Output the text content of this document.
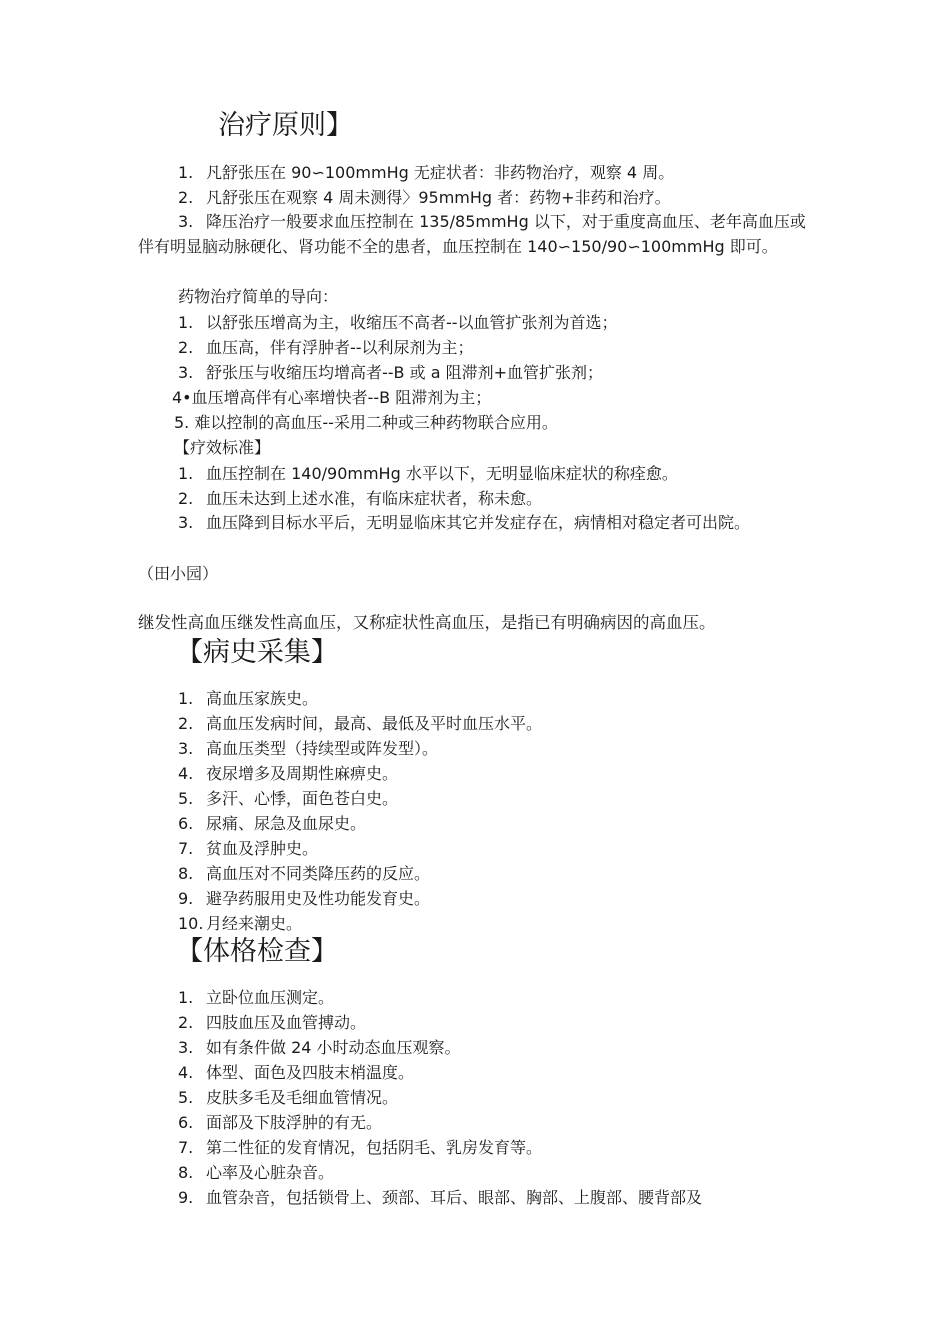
治疗原则】
1. 凡舒张压在 90∽100mmHg 无症状者：非药物治疗，观察 4 周。
2. 凡舒张压在观察 4 周未测得〉95mmHg 者：药物+非药和治疗。
3. 降压治疗一般要求血压控制在 135/85mmHg 以下，对于重度高血压、老年高血压或伴有明显脑动脉硬化、肾功能不全的患者，血压控制在 140∽150/90∽100mmHg 即可。
药物治疗简单的导向：
1. 以舒张压增高为主，收缩压不高者--以血管扩张剂为首选；
2. 血压高，伴有浮肿者--以利尿剂为主；
3. 舒张压与收缩压均增高者--B 或 a 阻滞剂+血管扩张剂；
4•血压增高伴有心率增快者--B 阻滞剂为主；
5. 难以控制的高血压--采用二种或三种药物联合应用。
【疗效标准】
1. 血压控制在 140/90mmHg 水平以下，无明显临床症状的称痊愈。
2. 血压未达到上述水准，有临床症状者，称未愈。
3. 血压降到目标水平后，无明显临床其它并发症存在，病情相对稳定者可出院。
（田小园）
继发性高血压继发性高血压，又称症状性高血压，是指已有明确病因的高血压。
【病史采集】
1. 高血压家族史。
2. 高血压发病时间，最高、最低及平时血压水平。
3. 高血压类型（持续型或阵发型）。
4. 夜尿增多及周期性麻痹史。
5. 多汗、心悸，面色苍白史。
6. 尿痛、尿急及血尿史。
7. 贫血及浮肿史。
8. 高血压对不同类降压药的反应。
9. 避孕药服用史及性功能发育史。
10. 月经来潮史。
【体格检查】
1. 立卧位血压测定。
2. 四肢血压及血管搏动。
3. 如有条件做 24 小时动态血压观察。
4. 体型、面色及四肢末梢温度。
5. 皮肤多毛及毛细血管情况。
6. 面部及下肢浮肿的有无。
7. 第二性征的发育情况，包括阴毛、乳房发育等。
8. 心率及心脏杂音。
9. 血管杂音，包括锁骨上、颈部、耳后、眼部、胸部、上腹部、腰背部及
